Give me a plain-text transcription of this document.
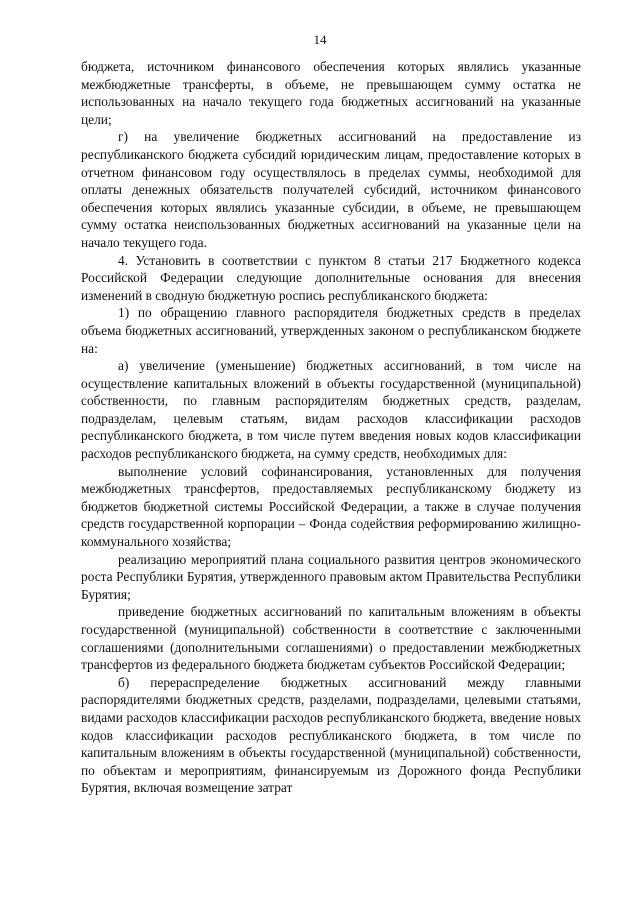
14

бюджета, источником финансового обеспечения которых являлись указанные межбюджетные трансферты, в объеме, не превышающем сумму остатка не использованных на начало текущего года бюджетных ассигнований на указанные цели;

г) на увеличение бюджетных ассигнований на предоставление из республиканского бюджета субсидий юридическим лицам, предоставление которых в отчетном финансовом году осуществлялось в пределах суммы, необходимой для оплаты денежных обязательств получателей субсидий, источником финансового обеспечения которых являлись указанные субсидии, в объеме, не превышающем сумму остатка неиспользованных бюджетных ассигнований на указанные цели на начало текущего года.

4. Установить в соответствии с пунктом 8 статьи 217 Бюджетного кодекса Российской Федерации следующие дополнительные основания для внесения изменений в сводную бюджетную роспись республиканского бюджета:

1) по обращению главного распорядителя бюджетных средств в пределах объема бюджетных ассигнований, утвержденных законом о республиканском бюджете на:

а) увеличение (уменьшение) бюджетных ассигнований, в том числе на осуществление капитальных вложений в объекты государственной (муниципальной) собственности, по главным распорядителям бюджетных средств, разделам, подразделам, целевым статьям, видам расходов классификации расходов республиканского бюджета, в том числе путем введения новых кодов классификации расходов республиканского бюджета, на сумму средств, необходимых для:

выполнение условий софинансирования, установленных для получения межбюджетных трансфертов, предоставляемых республиканскому бюджету из бюджетов бюджетной системы Российской Федерации, а также в случае получения средств государственной корпорации – Фонда содействия реформированию жилищно-коммунального хозяйства;

реализацию мероприятий плана социального развития центров экономического роста Республики Бурятия, утвержденного правовым актом Правительства Республики Бурятия;

приведение бюджетных ассигнований по капитальным вложениям в объекты государственной (муниципальной) собственности в соответствие с заключенными соглашениями (дополнительными соглашениями) о предоставлении межбюджетных трансфертов из федерального бюджета бюджетам субъектов Российской Федерации;

б) перераспределение бюджетных ассигнований между главными распорядителями бюджетных средств, разделами, подразделами, целевыми статьями, видами расходов классификации расходов республиканского бюджета, введение новых кодов классификации расходов республиканского бюджета, в том числе по капитальным вложениям в объекты государственной (муниципальной) собственности, по объектам и мероприятиям, финансируемым из Дорожного фонда Республики Бурятия, включая возмещение затрат
